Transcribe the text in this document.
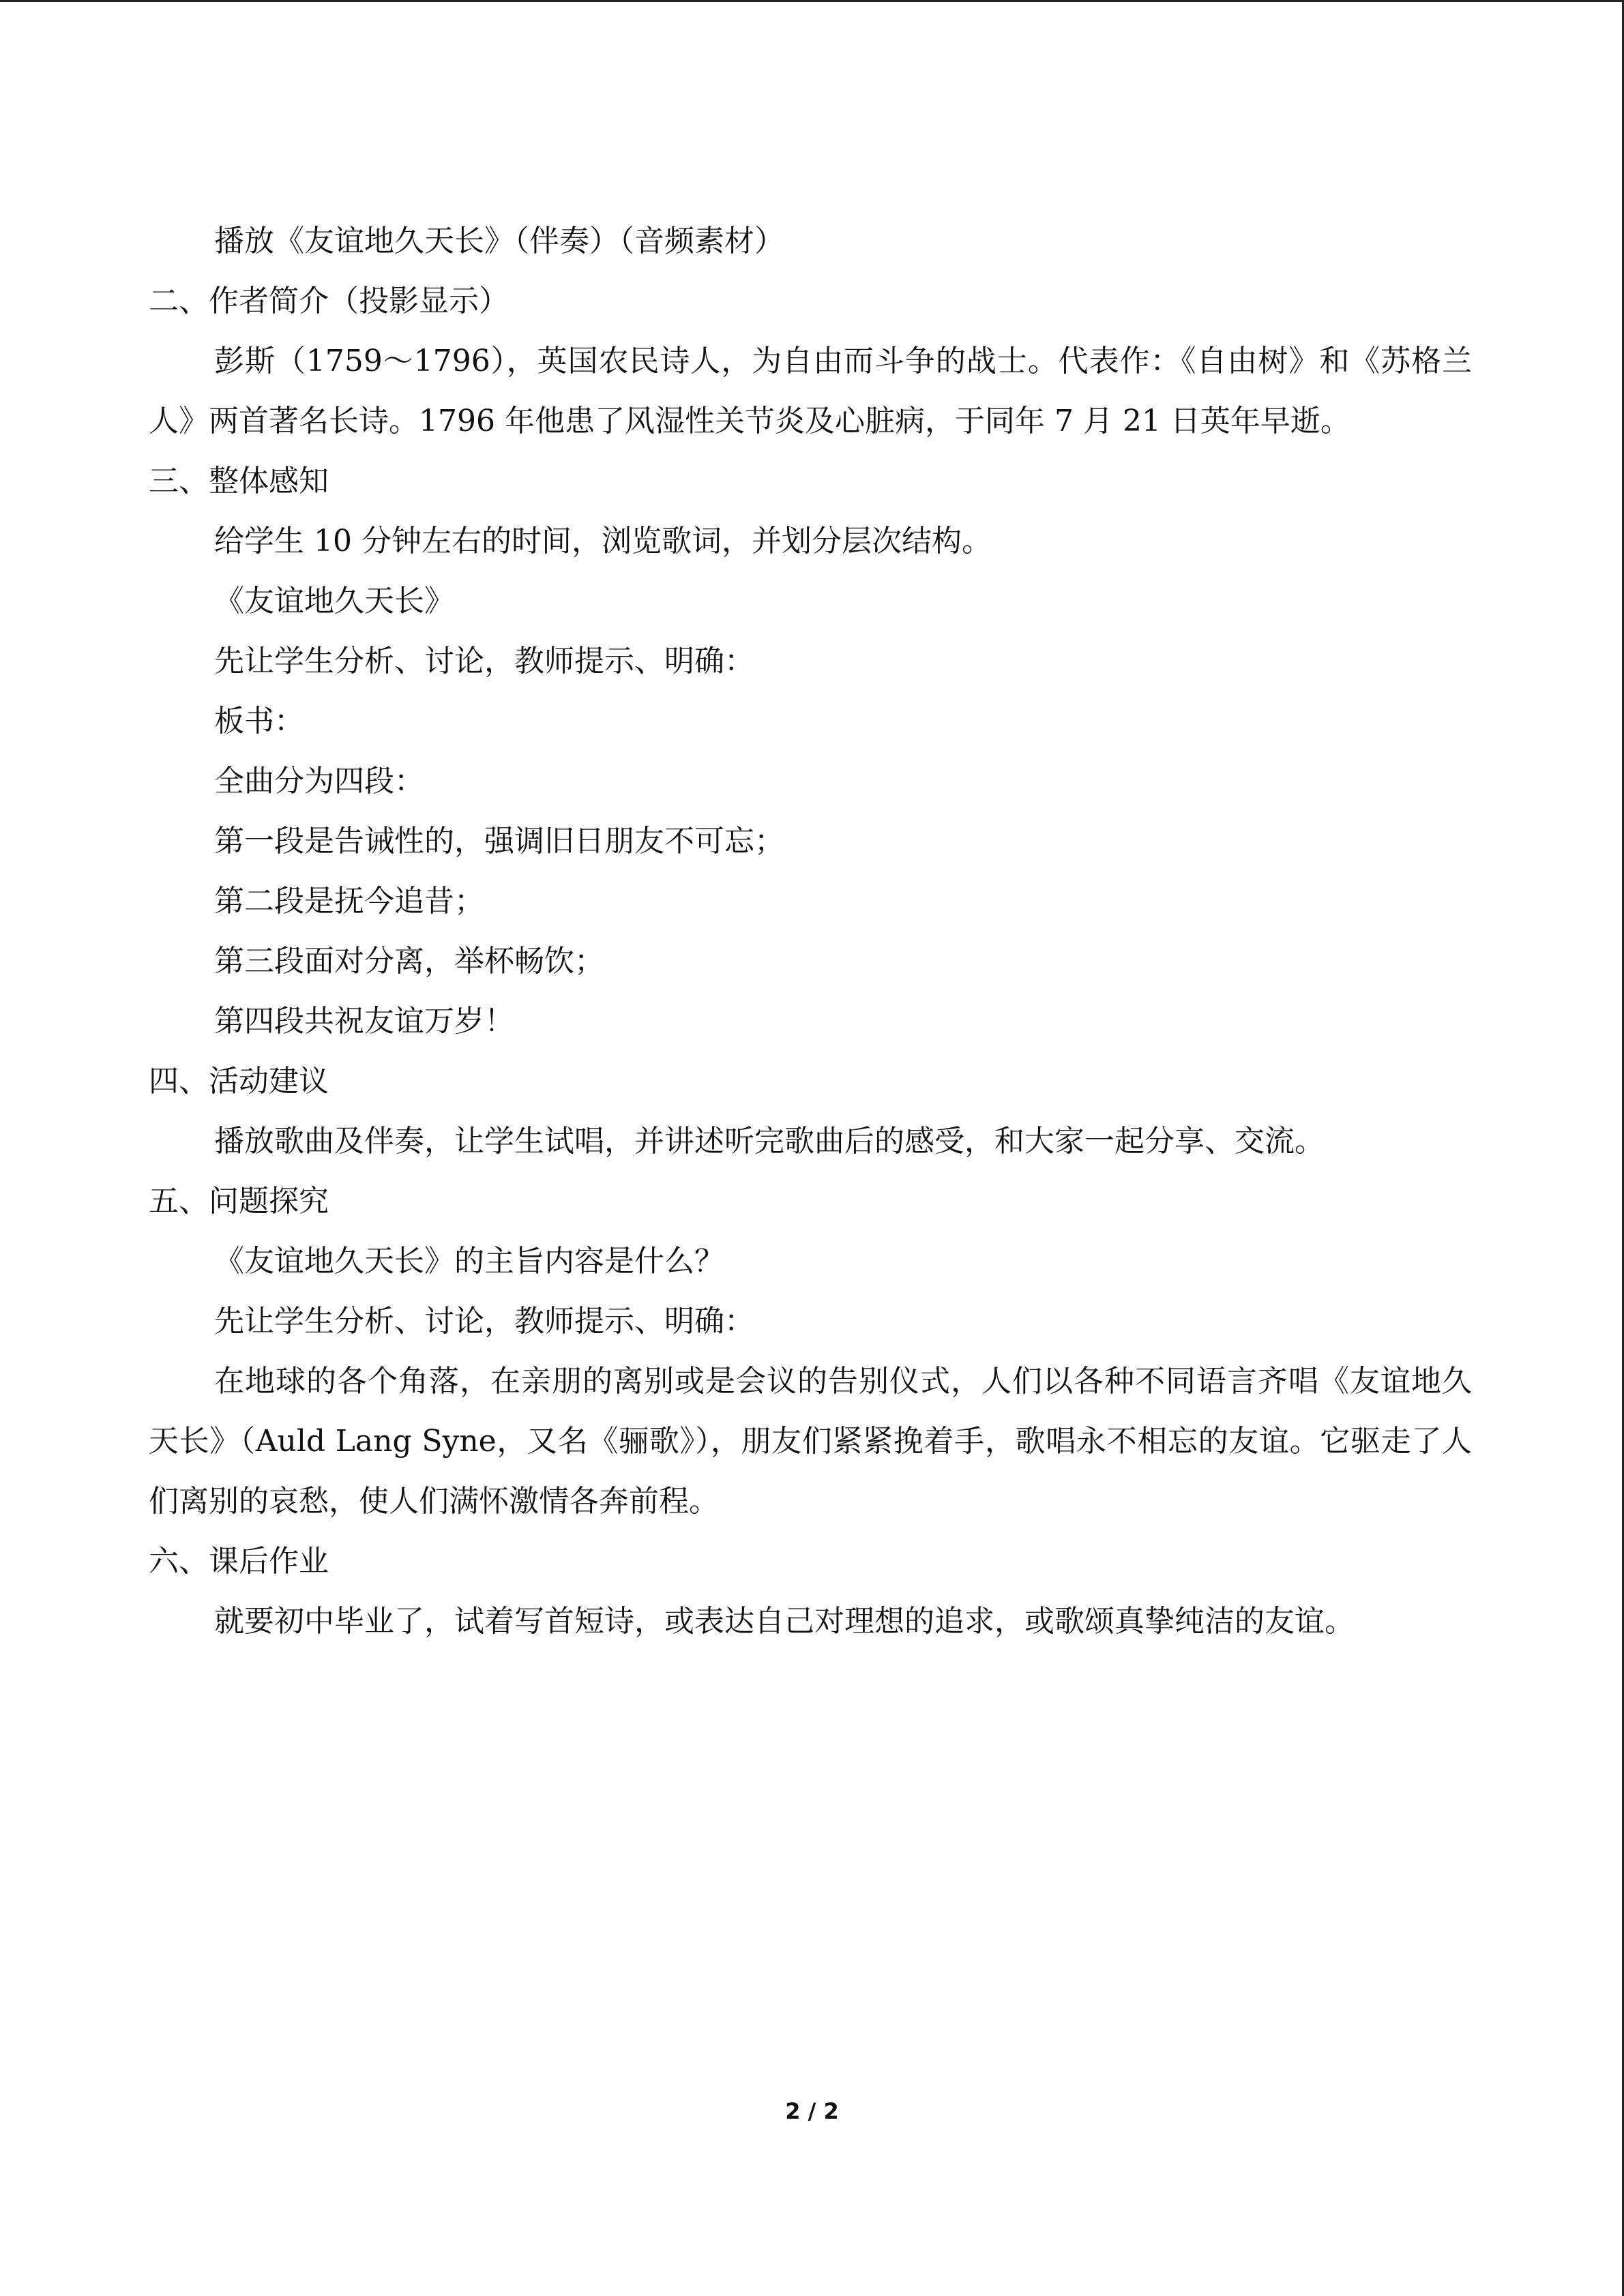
播放《友谊地久天长》（伴奏）（音频素材）

二、作者简介（投影显示）

彭斯（1759～1796），英国农民诗人，为自由而斗争的战士。代表作：《自由树》和《苏格兰人》两首著名长诗。1796 年他患了风湿性关节炎及心脏病，于同年 7 月 21 日英年早逝。

三、整体感知

给学生 10 分钟左右的时间，浏览歌词，并划分层次结构。

《友谊地久天长》

先让学生分析、讨论，教师提示、明确：

板书：

全曲分为四段：

第一段是告诫性的，强调旧日朋友不可忘；

第二段是抚今追昔；

第三段面对分离，举杯畅饮；

第四段共祝友谊万岁！

四、活动建议

播放歌曲及伴奏，让学生试唱，并讲述听完歌曲后的感受，和大家一起分享、交流。

五、问题探究

《友谊地久天长》的主旨内容是什么？

先让学生分析、讨论，教师提示、明确：

在地球的各个角落，在亲朋的离别或是会议的告别仪式，人们以各种不同语言齐唱《友谊地久天长》（Auld Lang Syne，又名《骊歌》），朋友们紧紧挽着手，歌唱永不相忘的友谊。它驱走了人们离别的哀愁，使人们满怀激情各奔前程。

六、课后作业

就要初中毕业了，试着写首短诗，或表达自己对理想的追求，或歌颂真挚纯洁的友谊。

2 / 2
